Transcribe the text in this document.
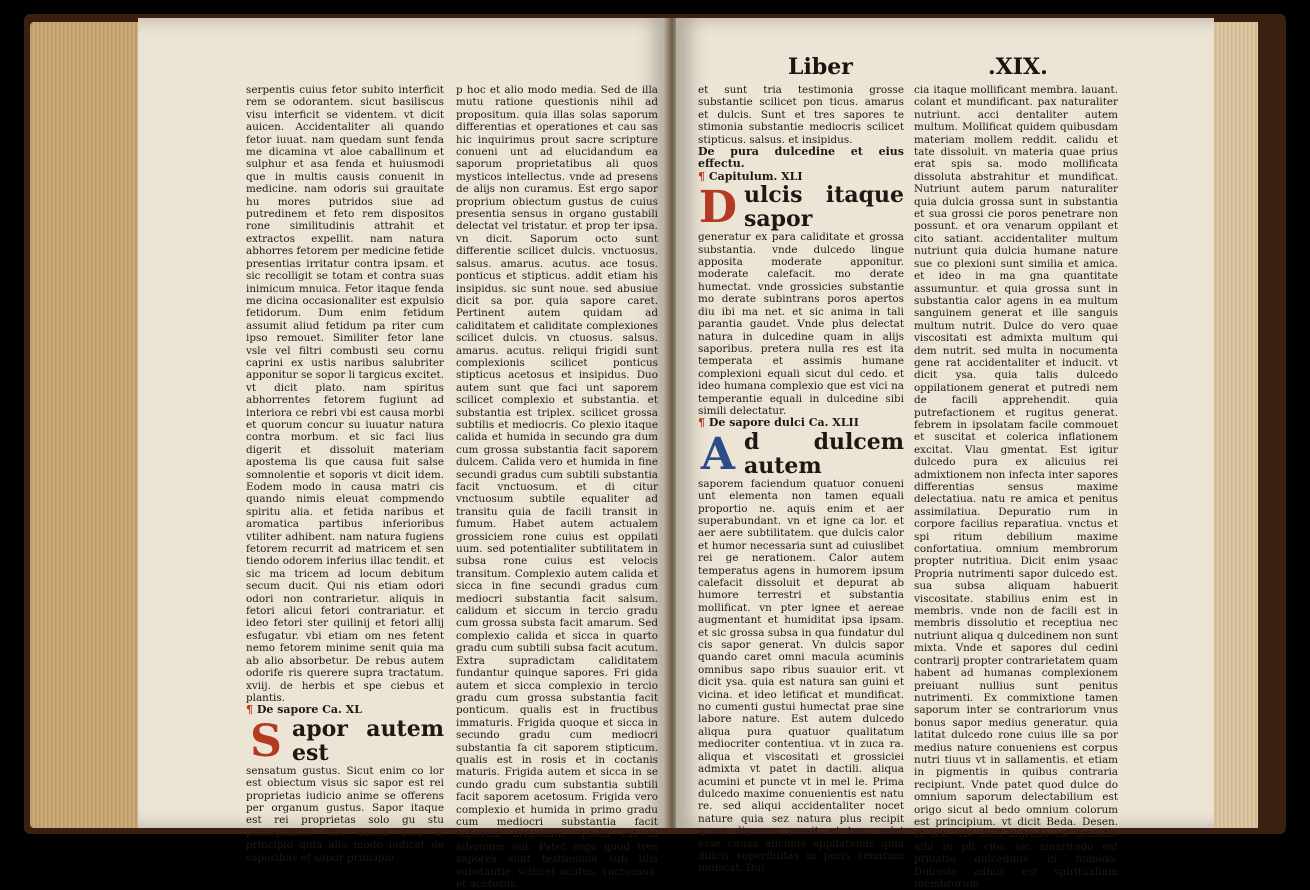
serpentis cuius fetor subito interficit rem se odorantem. sicut basiliscus visu interficit se videntem. vt dicit auicen. Accidentaliter ali quando fetor iuuat. nam quedam sunt fenda me dicamina vt aloe caballinum et sulphur et asa fenda et huiusmodi que in multis causis conuenit in medicine. nam odoris sui grauitate hu mores putridos siue ad putredinem et feto rem dispositos rone similitudinis attrahit et extractos expellit. nam natura abhorres fetorem per medicine fetide presentias irritatur contra ipsam. et sic recolligit se totam et contra suas inimicum mnuica. Fetor itaque fenda me dicina occasionaliter est expulsio fetidorum. Dum enim fetidum assumit aliud fetidum pa riter cum ipso remouet. Similiter fetor lane vsle vel filtri combusti seu cornu caprini ex ustis naribus salubriter apponitur se sopor li targicus excitet. vt dicit plato. nam spiritus abhorrentes fetorem fugiunt ad interiora ce rebri vbi est causa morbi et quorum concur su iuuatur natura contra morbum. et sic faci lius digerit et dissoluit materiam apostema lis que causa fuit salse somnolentie et soporis vt dicit idem. Eodem modo in causa matri cis quando nimis eleuat compmendo spiritu alia. et fetida naribus et aromatica partibus inferioribus vtiliter adhibent. nam natura fugiens fetorem recurrit ad matricem et sen tiendo odorem inferius illac tendit. et sic ma tricem ad locum debitum secum ducit. Qui nis etiam odori odori non contrarietur. aliquis in fetori alicui fetori contrariatur. et ideo fetori ster quilinij et fetori allij esfugatur. vbi etiam om nes fetent nemo fetorem minime senit quia ma ab alio absorbetur. De rebus autem odorife ris querere supra tractatum. xviij. de herbis et spe ciebus et plantis.

¶ De sapore Ca. XL

Sapor autem est

sensatum gustus. Sicut enim co lor est obiectum visus sic sapor est rei proprietas iudicio anime se offerens per organum gustus. Sapor itaque est rei proprietas solo gu stu perceptibilis. hoc autem dico in principio quia alio modo iudicat de saporibus et sapor principio

p hoc et alio modo media. Sed de illa mutu ratione questionis nihil ad propositum. quia illas solas saporum differentias et operationes et cau sas hic inquirimus prout sacre scripture conueni unt ad elucidandum ea saporum proprietatibus ali quos mysticos intellectus. vnde ad presens de alijs non curamus. Est ergo sapor proprium obiectum gustus de cuius presentia sensus in organo gustabili delectat vel tristatur. et prop ter ipsa. vn dicit. Saporum octo sunt differentie scilicet dulcis. vnctuosus. salsus. amarus. acutus. ace tosus. ponticus et stipticus. addit etiam his insipidus. sic sunt noue. sed abusiue dicit sa por. quia sapore caret. Pertinent autem quidam ad caliditatem et caliditate complexiones scilicet dulcis. vn ctuosus. salsus. amarus. acutus. reliqui frigidi sunt complexionis scilicet ponticus stipticus acetosus et insipidus. Duo autem sunt que faci unt saporem scilicet complexio et substantia. et substantia est triplex. scilicet grossa subtilis et mediocris. Co plexio itaque calida et humida in secundo gra dum cum grossa substantia facit saporem dulcem. Calida vero et humida in fine secundi gradus cum subtili substantia facit vnctuosum. et di citur vnctuosum subtile equaliter ad transitu quia de facili transit in fumum. Habet autem actualem grossiciem rone cuius est oppilati uum. sed potentialiter subtilitatem in subsa rone cuius est velocis transitum. Complexio autem calida et sicca in fine secundi gradus cum mediocri substantia facit salsum. calidum et siccum in tercio gradu cum grossa substa facit amarum. Sed complexio calida et sicca in quarto gradu cum subtili subsa facit acutum. Extra supradictam caliditatem fundantur quinque sapores. Fri gida autem et sicca complexio in tercio gradu cum grossa substantia facit ponticum. qualis est in fructibus immaturis. Frigida quoque et sicca in secundo gradu cum mediocri substantia fa cit saporem stipticum. qualis est in rosis et in coctanis maturis. Frigida autem et sicca in se cundo gradu cum substantia subtili facit saporem acetosum. Frigida vero complexio et humida in primo gradu cum mediocri substantia facit saporem insipidum. qualis est in albumine oui. Patet ergo quod tres sapores sunt testimonia sub tilis substantie. scilicet acutus. vnctuosus. et acetosus.

Liber	.XIX.

et sunt tria testimonia grosse substantie scilicet pon ticus. amarus et dulcis. Sunt et tres sapores te stimonia substantie mediocris scilicet stipticus. salsus. et insipidus.

De pura dulcedine et eius effectu.

¶ Capitulum. XLI

Dulcis itaque sapor

generatur ex para caliditate et grossa substantia. vnde dulcedo lingue apposita moderate apponitur. moderate calefacit. mo derate humectat. vnde grossicies substantie mo derate subintrans poros apertos diu ibi ma net. et sic anima in tali parantia gaudet. Vnde plus delectat natura in dulcedine quam in alijs saporibus. pretera nulla res est ita temperata et assimis humane complexioni equali sicut dul cedo. et ideo humana complexio que est vici na temperantie equali in dulcedine sibi simili delectatur.

¶ De sapore dulci Ca. XLII

Ad dulcem autem

saporem faciendum quatuor conueni unt elementa non tamen equali proportio ne. aquis enim et aer superabundant. vn et igne ca lor. et aer aere subtilitatem. que dulcis calor et humor necessaria sunt ad cuiuslibet rei ge nerationem. Calor autem temperatus agens in humorem ipsum calefacit dissoluit et depurat ab humore terrestri et substantia mollificat. vn pter ignee et aereae augmentant et humiditat ipsa ipsam. et sic grossa subsa in qua fundatur dul cis sapor generat. Vn dulcis sapor quando caret omni macula acuminis omnibus sapo ribus suauior erit. vt dicit ysa. quia est natura san guini et vicina. et ideo letificat et mundificat. no cumenti gustui humectat prae sine labore nature. Est autem dulcedo aliqua pura quatuor qualitatum mediocriter contentiua. vt in zuca ra. aliqua et viscositati et grossiciei admixta vt patet in dactili. aliqua acumini et puncte vt in mel le. Prima dulcedo maxime conuenientis est natu re. sed aliqui accidentaliter nocet nature quia sez natura plus recipit quam digerere possit. et tunc solet esse causa alicuius oppilationis quia dulcis superfluitas in poris venarum inuiscat. Dul

cia itaque mollificant membra. lauant. colant et mundificant. pax naturaliter nutriunt. acci dentaliter autem multum. Mollificat quidem quibusdam materiam mollem reddit. calidu et tate dissoluit. vn materia quae prius erat spis sa. modo mollificata dissoluta abstrahitur et mundificat. Nutriunt autem parum naturaliter quia dulcia grossa sunt in substantia et sua grossi cie poros penetrare non possunt. et ora venarum oppilant et cito satiant. accidentaliter multum nutriunt quia dulcia humane nature sue co plexioni sunt similia et amica. et ideo in ma gna quantitate assumuntur. et quia grossa sunt in substantia calor agens in ea multum sanguinem generat et ille sanguis multum nutrit. Dulce do vero quae viscositati est admixta multum qui dem nutrit. sed multa in nocumenta gene rat accidentaliter et inducit. vt dicit ysa. quia talis dulcedo oppilationem generat et putredi nem de facili apprehendit. quia putrefactionem et rugitus generat. febrem in ipsolatam facile commouet et suscitat et colerica inflationem excitat. Vlau gmentat. Est igitur dulcedo pura ex alicuius rei admixtionem non infecta inter sapores differentias sensus maxime delectatiua. natu re amica et penitus assimilatiua. Depuratio rum in corpore facilius reparatiua. vnctus et spi ritum debilium maxime confortatiua. omnium membrorum propter nutritiua. Dicit enim ysaac Propria nutrimenti sapor dulcedo est. sua subsa aliquam habuerit viscositate. stabilius enim est in membris. vnde non de facili est in membris dissolutio et receptiua nec nutriunt aliqua q dulcedinem non sunt mixta. Vnde et sapores dul cedini contrarij propter contrarietatem quam habent ad humanas complexionem preiuant nullius sunt penitus nutrimenti. Ex commixtione tamen saporum inter se contrariorum vnus bonus sapor medius generatur. quia latitat dulcedo rone cuius ille sa por medius nature conueniens est corpus nutri tiuus vt in sallamentis. et etiam in pigmentis in quibus contraria recipiunt. Vnde patet quod dulce do omnium saporum delectabilium est origo sicut al bedo omnium colorum est principium. vt dicit Beda. Desen. et sen. vbi dicit nigredo est priuatio albi in pli cito. sic amaritudo est priuatio dulcedinis in humido. Dulcedo adhuc est spiritualium membrorum
